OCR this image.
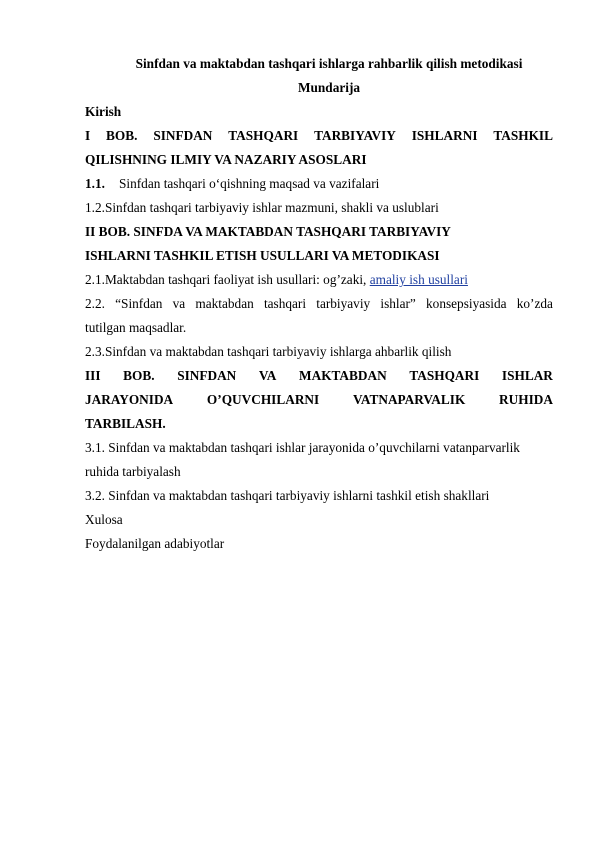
Sinfdan va maktabdan tashqari ishlarga rahbarlik qilish metodikasi
Mundarija
Kirish
I BOB. SINFDAN TASHQARI TARBIYAVIY ISHLARNI TASHKIL
QILISHNING ILMIY VA NAZARIY ASOSLARI
1.1. Sinfdan tashqari o‘qishning maqsad va vazifalari
1.2.Sinfdan tashqari tarbiyaviy ishlar mazmuni, shakli va uslublari
II BOB. SINFDA VA MAKTABDAN TASHQARI TARBIYAVIY
ISHLARNI TASHKIL ETISH USULLARI VA METODIKASI
2.1.Maktabdan tashqari faoliyat ish usullari: og’zaki, amaliy ish usullari
2.2. “Sinfdan va maktabdan tashqari tarbiyaviy ishlar” konsepsiyasida ko’zda
tutilgan maqsadlar.
2.3.Sinfdan va maktabdan tashqari tarbiyaviy ishlarga ahbarlik qilish
III BOB. SINFDAN VA MAKTABDAN TASHQARI ISHLAR
JARAYONIDA	O’QUVCHILARNI	VATNAPARVALIK	RUHIDA
TARBILASH.
3.1. Sinfdan va maktabdan tashqari ishlar jarayonida o’quvchilarni vatanparvarlik
ruhida tarbiyalash
3.2. Sinfdan va maktabdan tashqari tarbiyaviy ishlarni tashkil etish shakllari
Xulosa
Foydalanilgan adabiyotlar
